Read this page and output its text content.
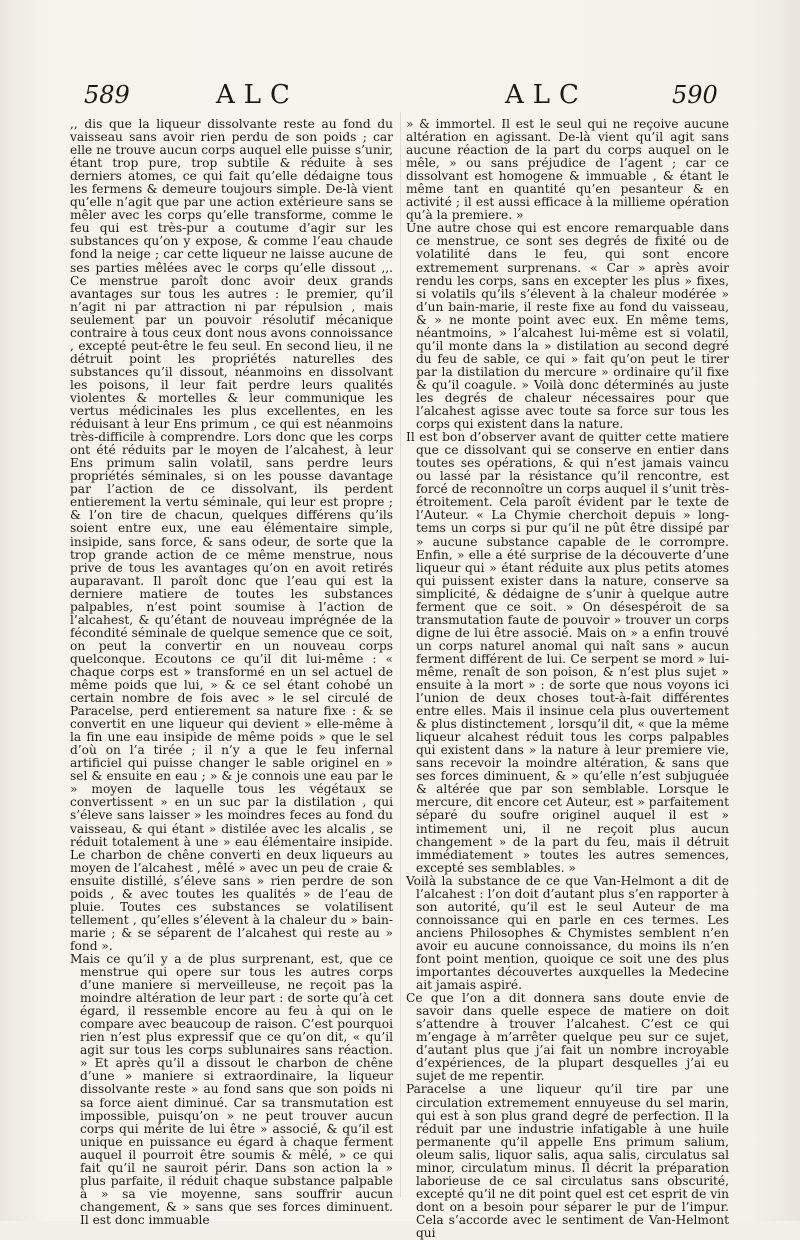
589	ALC	ALC	590

,, dis que la liqueur dissolvante reste au fond du vaisseau sans avoir rien perdu de son poids ; car elle ne trouve aucun corps auquel elle puisse s’unir, étant trop pure, trop subtile & réduite à ses derniers atomes, ce qui fait qu’elle dédaigne tous les fermens & demeure toujours simple. De-là vient qu’elle n’agit que par une action extérieure sans se mêler avec les corps qu’elle transforme, comme le feu qui est très-pur a coutume d’agir sur les substances qu’on y expose, & comme l’eau chaude fond la neige ; car cette liqueur ne laisse aucune de ses parties mêlées avec le corps qu’elle dissout ,,. Ce menstrue paroît donc avoir deux grands avantages sur tous les autres : le premier, qu’il n’agit ni par attraction ni par répulsion , mais seulement par un pouvoir résolutif mécanique contraire à tous ceux dont nous avons connoissance , excepté peut-être le feu seul. En second lieu, il ne détruit point les propriétés naturelles des substances qu’il dissout, néanmoins en dissolvant les poisons, il leur fait perdre leurs qualités violentes & mortelles & leur communique les vertus médicinales les plus excellentes, en les réduisant à leur Ens primum , ce qui est néanmoins très-difficile à comprendre. Lors donc que les corps ont été réduits par le moyen de l’alcahest, à leur Ens primum salin volatil, sans perdre leurs propriétés séminales, si on les pousse davantage par l’action de ce dissolvant, ils perdent entierement la vertu séminale, qui leur est propre ; & l’on tire de chacun, quelques différens qu’ils soient entre eux, une eau élémentaire simple, insipide, sans force, & sans odeur, de sorte que la trop grande action de ce même menstrue, nous prive de tous les avantages qu’on en avoit retirés auparavant. Il paroît donc que l’eau qui est la derniere matiere de toutes les substances palpables, n’est point soumise à l’action de l’alcahest, & qu’étant de nouveau imprégnée de la fécondité séminale de quelque semence que ce soit, on peut la convertir en un nouveau corps quelconque. Ecoutons ce qu’il dit lui-même : « chaque corps est » transformé en un sel actuel de même poids que lui, » & ce sel étant cohobé un certain nombre de fois avec » le sel circulé de Paracelse, perd entierement sa nature fixe : & se convertit en une liqueur qui devient » elle-même à la fin une eau insipide de même poids » que le sel d’où on l’a tirée ; il n’y a que le feu infernal artificiel qui puisse changer le sable originel en » sel & ensuite en eau ; » & je connois une eau par le » moyen de laquelle tous les végétaux se convertissent » en un suc par la distilation , qui s’éleve sans laisser » les moindres feces au fond du vaisseau, & qui étant » distilée avec les alcalis , se réduit totalement à une » eau élémentaire insipide. Le charbon de chêne converti en deux liqueurs au moyen de l’alcahest , mêlé » avec un peu de craie & ensuite distillé, s’éleve sans » rien perdre de son poids , & avec toutes les qualités » de l’eau de pluie. Toutes ces substances se volatilisent tellement , qu’elles s’élevent à la chaleur du » bain-marie ; & se séparent de l’alcahest qui reste au » fond ».

Mais ce qu’il y a de plus surprenant, est, que ce menstrue qui opere sur tous les autres corps d’une maniere si merveilleuse, ne reçoit pas la moindre altération de leur part : de sorte qu’à cet égard, il ressemble encore au feu à qui on le compare avec beaucoup de raison. C’est pourquoi rien n’est plus expressif que ce qu’on dit, « qu’il agit sur tous les corps sublunaires sans réaction. » Et après qu’il a dissout le charbon de chêne d’une » maniere si extraordinaire, la liqueur dissolvante reste » au fond sans que son poids ni sa force aient diminué. Car sa transmutation est impossible, puisqu’on » ne peut trouver aucun corps qui mérite de lui être » associé, & qu’il est unique en puissance eu égard à chaque ferment auquel il pourroit être soumis & mêlé, » ce qui fait qu’il ne sauroit périr. Dans son action la » plus parfaite, il réduit chaque substance palpable à » sa vie moyenne, sans souffrir aucun changement, & » sans que ses forces diminuent. Il est donc immuable

» & immortel. Il est le seul qui ne reçoive aucune altération en agissant. De-là vient qu’il agit sans aucune réaction de la part du corps auquel on le mêle, » ou sans préjudice de l’agent ; car ce dissolvant est homogene & immuable , & étant le même tant en quantité qu’en pesanteur & en activité ; il est aussi efficace à la millieme opération qu’à la premiere. »

Une autre chose qui est encore remarquable dans ce menstrue, ce sont ses degrés de fixité ou de volatilité dans le feu, qui sont encore extremement surprenans. « Car » après avoir rendu les corps, sans en excepter les plus » fixes, si volatils qu’ils s’élevent à la chaleur modérée » d’un bain-marie, il reste fixe au fond du vaisseau, & » ne monte point avec eux. En même tems, néantmoins, » l’alcahest lui-même est si volatil, qu’il monte dans la » distilation au second degré du feu de sable, ce qui » fait qu’on peut le tirer par la distilation du mercure » ordinaire qu’il fixe & qu’il coagule. » Voilà donc déterminés au juste les degrés de chaleur nécessaires pour que l’alcahest agisse avec toute sa force sur tous les corps qui existent dans la nature.

Il est bon d’observer avant de quitter cette matiere que ce dissolvant qui se conserve en entier dans toutes ses opérations, & qui n’est jamais vaincu ou lassé par la résistance qu’il rencontre, est forcé de reconnoître un corps auquel il s’unit très-étroitement. Cela paroît évident par le texte de l’Auteur. « La Chymie cherchoit depuis » long-tems un corps si pur qu’il ne pût être dissipé par » aucune substance capable de le corrompre. Enfin, » elle a été surprise de la découverte d’une liqueur qui » étant réduite aux plus petits atomes qui puissent exister dans la nature, conserve sa simplicité, & dédaigne de s’unir à quelque autre ferment que ce soit. » On désespéroit de sa transmutation faute de pouvoir » trouver un corps digne de lui être associé. Mais on » a enfin trouvé un corps naturel anomal qui naît sans » aucun ferment différent de lui. Ce serpent se mord » lui-même, renaît de son poison, & n’est plus sujet » ensuite à la mort » : de sorte que nous voyons ici l’union de deux choses tout-à-fait différentes entre elles. Mais il insinue cela plus ouvertement & plus distinctement , lorsqu’il dit, « que la même liqueur alcahest réduit tous les corps palpables qui existent dans » la nature à leur premiere vie, sans recevoir la moindre altération, & sans que ses forces diminuent, & » qu’elle n’est subjuguée & altérée que par son semblable. Lorsque le mercure, dit encore cet Auteur, est » parfaitement séparé du soufre originel auquel il est » intimement uni, il ne reçoit plus aucun changement » de la part du feu, mais il détruit immédiatement » toutes les autres semences, excepté ses semblables. »

Voilà la substance de ce que Van-Helmont a dit de l’alcahest : l’on doit d’autant plus s’en rapporter à son autorité, qu’il est le seul Auteur de ma connoissance qui en parle en ces termes. Les anciens Philosophes & Chymistes semblent n’en avoir eu aucune connoissance, du moins ils n’en font point mention, quoique ce soit une des plus importantes découvertes auxquelles la Medecine ait jamais aspiré.

Ce que l’on a dit donnera sans doute envie de savoir dans quelle espece de matiere on doit s’attendre à trouver l’alcahest. C’est ce qui m’engage à m’arrêter quelque peu sur ce sujet, d’autant plus que j’ai fait un nombre incroyable d’expériences, de la plupart desquelles j’ai eu sujet de me repentir.

Paracelse a une liqueur qu’il tire par une circulation extremement ennuyeuse du sel marin, qui est à son plus grand degré de perfection. Il la réduit par une industrie infatigable à une huile permanente qu’il appelle Ens primum salium, oleum salis, liquor salis, aqua salis, circulatus sal minor, circulatum minus. Il décrit la préparation laborieuse de ce sal circulatus sans obscurité, excepté qu’il ne dit point quel est cet esprit de vin dont on a besoin pour séparer le pur de l’impur. Cela s’accorde avec le sentiment de Van-Helmont qui
